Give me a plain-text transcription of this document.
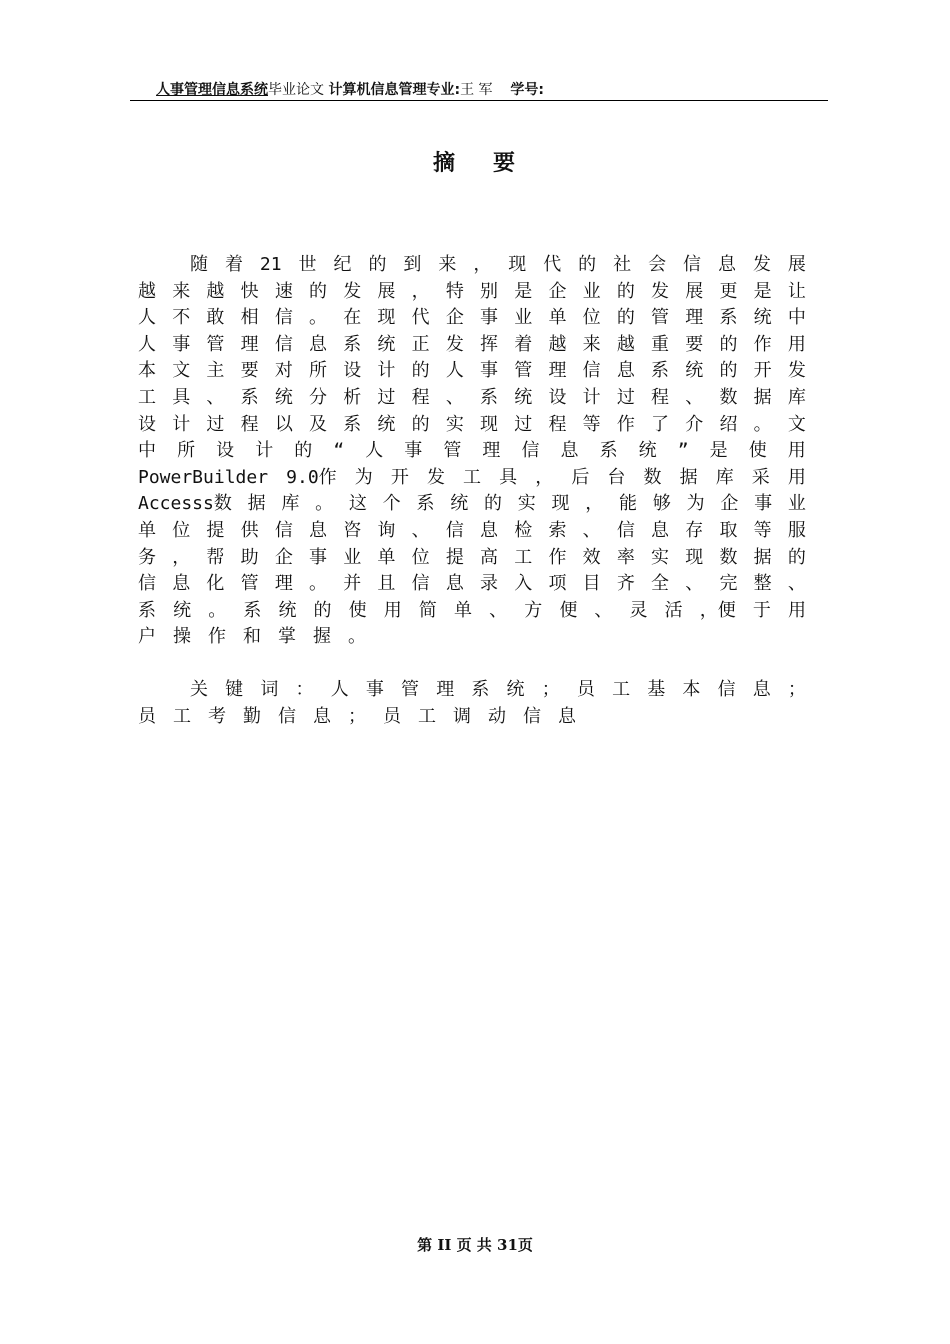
人事管理信息系统毕业论文 计算机信息管理专业:王 军 学号:
摘 要
随 着 21 世 纪 的 到 来 ， 现 代 的 社 会 信 息 发 展
越 来 越 快 速 的 发 展 ， 特 别 是 企 业 的 发 展 更 是 让
人 不 敢 相 信 。 在 现 代 企 事 业 单 位 的 管 理 系 统 中
人 事 管 理 信 息 系 统 正 发 挥 着 越 来 越 重 要 的 作 用
本 文 主 要 对 所 设 计 的 人 事 管 理 信 息 系 统 的 开 发
工 具 、 系 统 分 析 过 程 、 系 统 设 计 过 程 、 数 据 库
设 计 过 程 以 及 系 统 的 实 现 过 程 等 作 了 介 绍 。 文
中 所 设 计 的 “ 人 事 管 理 信 息 系 统 ” 是 使 用
PowerBuilder 9.0作 为 开 发 工 具 ， 后 台 数 据 库 采 用
Accesss数 据 库 。 这 个 系 统 的 实 现 ， 能 够 为 企 事 业
单 位 提 供 信 息 咨 询 、 信 息 检 索 、 信 息 存 取 等 服
务 ， 帮 助 企 事 业 单 位 提 高 工 作 效 率 实 现 数 据 的
信 息 化 管 理 。 并 且 信 息 录 入 项 目 齐 全 、 完 整 、
系 统 。 系 统 的 使 用 简 单 、 方 便 、 灵 活 ，便 于 用
户 操 作 和 掌 握 。
关 键 词 ： 人 事 管 理 系 统 ； 员 工 基 本 信 息 ；
员 工 考 勤 信 息 ； 员 工 调 动 信 息
第 II 页 共 31页
